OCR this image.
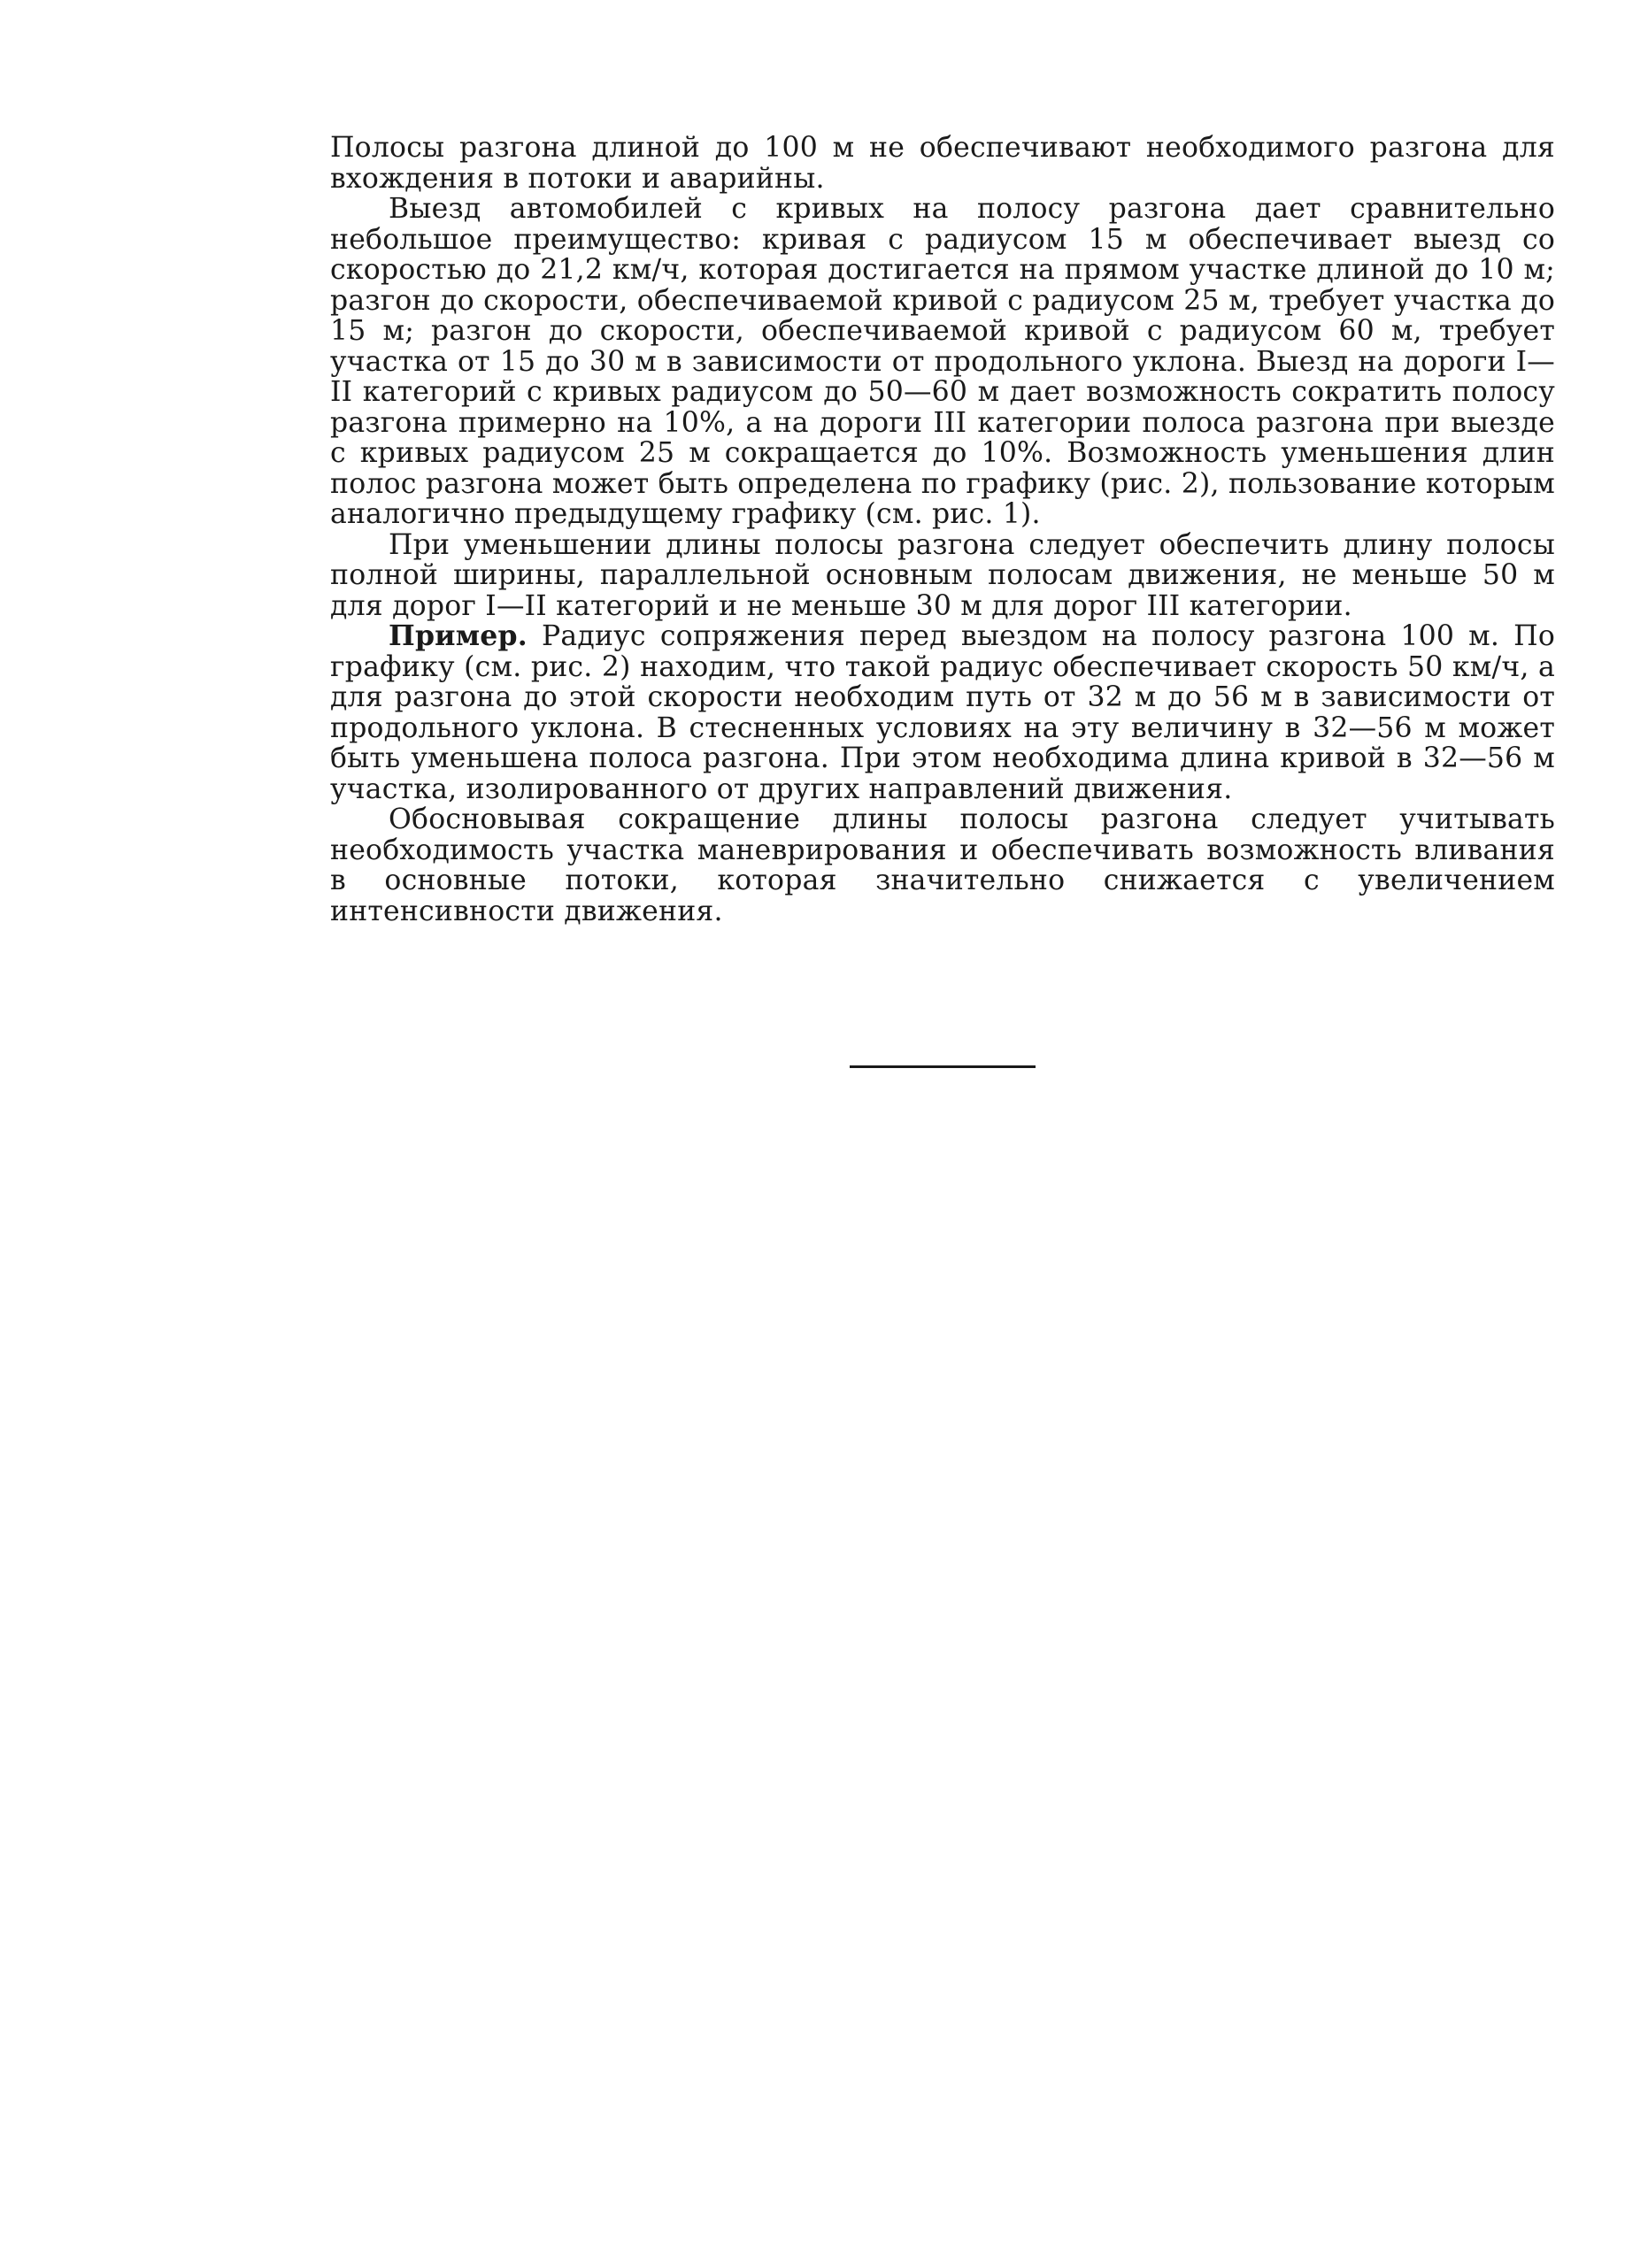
Полосы разгона длиной до 100 м не обеспечивают необходимого разгона для вхождения в потоки и аварийны.

Выезд автомобилей с кривых на полосу разгона дает сравнительно небольшое преимущество: кривая с радиусом 15 м обеспечивает выезд со скоростью до 21,2 км/ч, которая достигается на прямом участке длиной до 10 м; разгон до скорости, обеспечиваемой кривой с радиусом 25 м, требует участка до 15 м; разгон до скорости, обеспечиваемой кривой с радиусом 60 м, требует участка от 15 до 30 м в зависимости от продольного уклона. Выезд на дороги I—II категорий с кривых радиусом до 50—60 м дает возможность сократить полосу разгона примерно на 10%, а на дороги III категории полоса разгона при выезде с кривых радиусом 25 м сокращается до 10%. Возможность уменьшения длин полос разгона может быть определена по графику (рис. 2), пользование которым аналогично предыдущему графику (см. рис. 1).

При уменьшении длины полосы разгона следует обеспечить длину полосы полной ширины, параллельной основным полосам движения, не меньше 50 м для дорог I—II категорий и не меньше 30 м для дорог III категории.

Пример. Радиус сопряжения перед выездом на полосу разгона 100 м. По графику (см. рис. 2) находим, что такой радиус обеспечивает скорость 50 км/ч, а для разгона до этой скорости необходим путь от 32 м до 56 м в зависимости от продольного уклона. В стесненных условиях на эту величину в 32—56 м может быть уменьшена полоса разгона. При этом необходима длина кривой в 32—56 м участка, изолированного от других направлений движения.

Обосновывая сокращение длины полосы разгона следует учитывать необходимость участка маневрирования и обеспечивать возможность вливания в основные потоки, которая значительно снижается с увеличением интенсивности движения.
